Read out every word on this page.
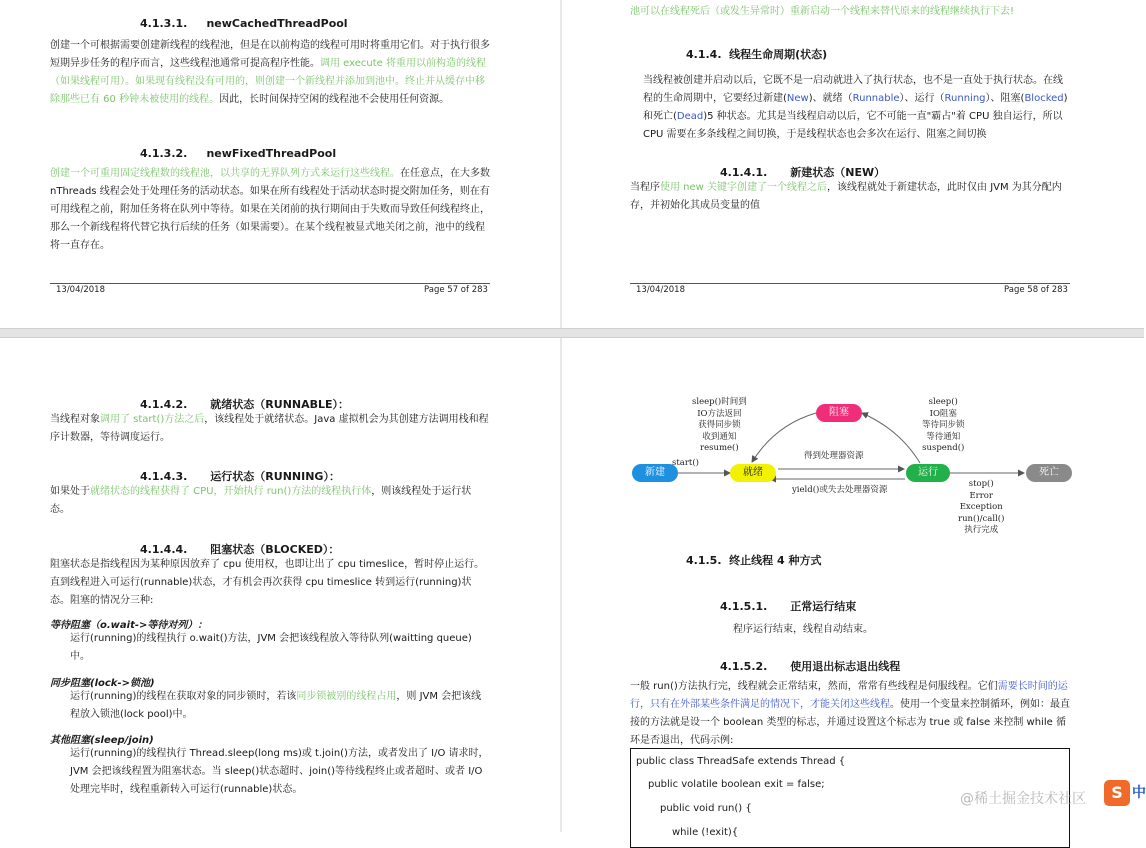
4.1.3.1.     newCachedThreadPool

创建一个可根据需要创建新线程的线程池，但是在以前构造的线程可用时将重用它们。对于执行很多短期异步任务的程序而言，这些线程池通常可提高程序性能。调用 execute 将重用以前构造的线程（如果线程可用）。如果现有线程没有可用的，则创建一个新线程并添加到池中。终止并从缓存中移除那些已有 60 秒钟未被使用的线程。因此，长时间保持空闲的线程池不会使用任何资源。

4.1.3.2.     newFixedThreadPool

创建一个可重用固定线程数的线程池，以共享的无界队列方式来运行这些线程。在任意点，在大多数 nThreads 线程会处于处理任务的活动状态。如果在所有线程处于活动状态时提交附加任务，则在有可用线程之前，附加任务将在队列中等待。如果在关闭前的执行期间由于失败而导致任何线程终止，那么一个新线程将代替它执行后续的任务（如果需要）。在某个线程被显式地关闭之前，池中的线程将一直存在。

13/04/2018	Page 57 of 283
池可以在线程死后（或发生异常时）重新启动一个线程来替代原来的线程继续执行下去!
4.1.4.  线程生命周期(状态)

当线程被创建并启动以后，它既不是一启动就进入了执行状态，也不是一直处于执行状态。在线程的生命周期中，它要经过新建(New)、就绪（Runnable）、运行（Running）、阻塞(Blocked)和死亡(Dead)5 种状态。尤其是当线程启动以后，它不可能一直"霸占"着 CPU 独自运行，所以 CPU 需要在多条线程之间切换，于是线程状态也会多次在运行、阻塞之间切换

4.1.4.1.      新建状态（NEW）

当程序使用 new 关键字创建了一个线程之后，该线程就处于新建状态，此时仅由 JVM 为其分配内存，并初始化其成员变量的值

13/04/2018	Page 58 of 283
4.1.4.2.      就绪状态（RUNNABLE）：

当线程对象调用了 start()方法之后，该线程处于就绪状态。Java 虚拟机会为其创建方法调用栈和程序计数器，等待调度运行。

4.1.4.3.      运行状态（RUNNING）：

如果处于就绪状态的线程获得了 CPU，开始执行 run()方法的线程执行体，则该线程处于运行状态。

4.1.4.4.      阻塞状态（BLOCKED）：

阻塞状态是指线程因为某种原因放弃了 cpu 使用权，也即让出了 cpu timeslice，暂时停止运行。直到线程进入可运行(runnable)状态，才有机会再次获得 cpu timeslice 转到运行(running)状态。阻塞的情况分三种:

等待阻塞（o.wait->等待对列）：

运行(running)的线程执行 o.wait()方法，JVM 会把该线程放入等待队列(waitting queue)中。

同步阻塞(lock->锁池)

运行(running)的线程在获取对象的同步锁时，若该同步锁被别的线程占用，则 JVM 会把该线程放入锁池(lock pool)中。

其他阻塞(sleep/join)

运行(running)的线程执行 Thread.sleep(long ms)或 t.join()方法，或者发出了 I/O 请求时，JVM 会把该线程置为阻塞状态。当 sleep()状态超时、join()等待线程终止或者超时、或者 I/O 处理完毕时，线程重新转入可运行(runnable)状态。

新建	就绪
阻塞
运行	死亡
start()
sleep()时间到
IO方法返回
获得同步锁
收到通知
resume()
sleep()
IO阻塞
等待同步锁
等待通知
suspend()
得到处理器资源
yield()或失去处理器资源
stop()
Error
Exception
run()/call()
执行完成
4.1.5.  终止线程 4 种方式
4.1.5.1.      正常运行结束
程序运行结束，线程自动结束。
4.1.5.2.      使用退出标志退出线程

一般 run()方法执行完，线程就会正常结束，然而，常常有些线程是伺服线程。它们需要长时间的运行，只有在外部某些条件满足的情况下，才能关闭这些线程。使用一个变量来控制循环，例如：最直接的方法就是设一个 boolean 类型的标志，并通过设置这个标志为 true 或 false 来控制 while 循环是否退出，代码示例:

public class ThreadSafe extends Thread {
public volatile boolean exit = false;
public void run() {
while (!exit){
@稀土掘金技术社区	S 中
